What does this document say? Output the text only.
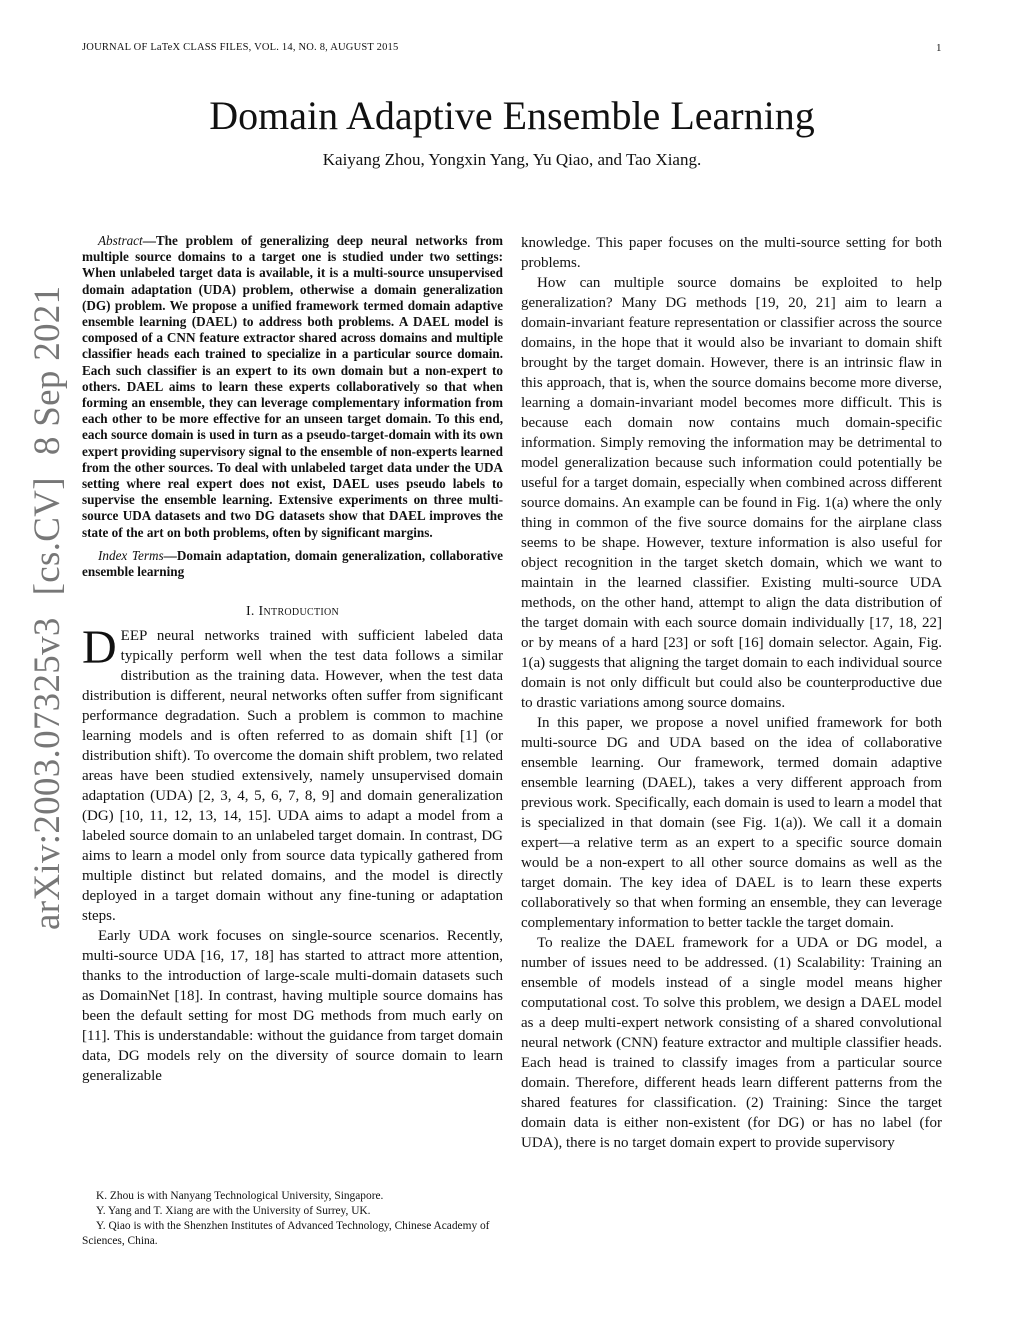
JOURNAL OF LaTeX CLASS FILES, VOL. 14, NO. 8, AUGUST 2015	1
Domain Adaptive Ensemble Learning
Kaiyang Zhou, Yongxin Yang, Yu Qiao, and Tao Xiang.
arXiv:2003.07325v3[cs.CV]8 Sep 2021

Abstract—The problem of generalizing deep neural networks from multiple source domains to a target one is studied under two settings: When unlabeled target data is available, it is a multi-source unsupervised domain adaptation (UDA) problem, otherwise a domain generalization (DG) problem. We propose a unified framework termed domain adaptive ensemble learning (DAEL) to address both problems. A DAEL model is composed of a CNN feature extractor shared across domains and multiple classifier heads each trained to specialize in a particular source domain. Each such classifier is an expert to its own domain but a non-expert to others. DAEL aims to learn these experts collaboratively so that when forming an ensemble, they can leverage complementary information from each other to be more effective for an unseen target domain. To this end, each source domain is used in turn as a pseudo-target-domain with its own expert providing supervisory signal to the ensemble of non-experts learned from the other sources. To deal with unlabeled target data under the UDA setting where real expert does not exist, DAEL uses pseudo labels to supervise the ensemble learning. Extensive experiments on three multi-source UDA datasets and two DG datasets show that DAEL improves the state of the art on both problems, often by significant margins.

Index Terms—Domain adaptation, domain generalization, collaborative ensemble learning

I. Introduction

DEEP neural networks trained with sufficient labeled data typically perform well when the test data follows a similar distribution as the training data. However, when the test data distribution is different, neural networks often suffer from significant performance degradation. Such a problem is common to machine learning models and is often referred to as domain shift [1] (or distribution shift). To overcome the domain shift problem, two related areas have been studied extensively, namely unsupervised domain adaptation (UDA) [2, 3, 4, 5, 6, 7, 8, 9] and domain generalization (DG) [10, 11, 12, 13, 14, 15]. UDA aims to adapt a model from a labeled source domain to an unlabeled target domain. In contrast, DG aims to learn a model only from source data typically gathered from multiple distinct but related domains, and the model is directly deployed in a target domain without any fine-tuning or adaptation steps.

Early UDA work focuses on single-source scenarios. Recently, multi-source UDA [16, 17, 18] has started to attract more attention, thanks to the introduction of large-scale multi-domain datasets such as DomainNet [18]. In contrast, having multiple source domains has been the default setting for most DG methods from much early on [11]. This is understandable: without the guidance from target domain data, DG models rely on the diversity of source domain to learn generalizable

knowledge. This paper focuses on the multi-source setting for both problems.

How can multiple source domains be exploited to help generalization? Many DG methods [19, 20, 21] aim to learn a domain-invariant feature representation or classifier across the source domains, in the hope that it would also be invariant to domain shift brought by the target domain. However, there is an intrinsic flaw in this approach, that is, when the source domains become more diverse, learning a domain-invariant model becomes more difficult. This is because each domain now contains much domain-specific information. Simply removing the information may be detrimental to model generalization because such information could potentially be useful for a target domain, especially when combined across different source domains. An example can be found in Fig. 1(a) where the only thing in common of the five source domains for the airplane class seems to be shape. However, texture information is also useful for object recognition in the target sketch domain, which we want to maintain in the learned classifier. Existing multi-source UDA methods, on the other hand, attempt to align the data distribution of the target domain with each source domain individually [17, 18, 22] or by means of a hard [23] or soft [16] domain selector. Again, Fig. 1(a) suggests that aligning the target domain to each individual source domain is not only difficult but could also be counterproductive due to drastic variations among source domains.

In this paper, we propose a novel unified framework for both multi-source DG and UDA based on the idea of collaborative ensemble learning. Our framework, termed domain adaptive ensemble learning (DAEL), takes a very different approach from previous work. Specifically, each domain is used to learn a model that is specialized in that domain (see Fig. 1(a)). We call it a domain expert—a relative term as an expert to a specific source domain would be a non-expert to all other source domains as well as the target domain. The key idea of DAEL is to learn these experts collaboratively so that when forming an ensemble, they can leverage complementary information to better tackle the target domain.

To realize the DAEL framework for a UDA or DG model, a number of issues need to be addressed. (1) Scalability: Training an ensemble of models instead of a single model means higher computational cost. To solve this problem, we design a DAEL model as a deep multi-expert network consisting of a shared convolutional neural network (CNN) feature extractor and multiple classifier heads. Each head is trained to classify images from a particular source domain. Therefore, different heads learn different patterns from the shared features for classification. (2) Training: Since the target domain data is either non-existent (for DG) or has no label (for UDA), there is no target domain expert to provide supervisory

K. Zhou is with Nanyang Technological University, Singapore.
Y. Yang and T. Xiang are with the University of Surrey, UK.
Y. Qiao is with the Shenzhen Institutes of Advanced Technology, Chinese Academy of Sciences, China.
